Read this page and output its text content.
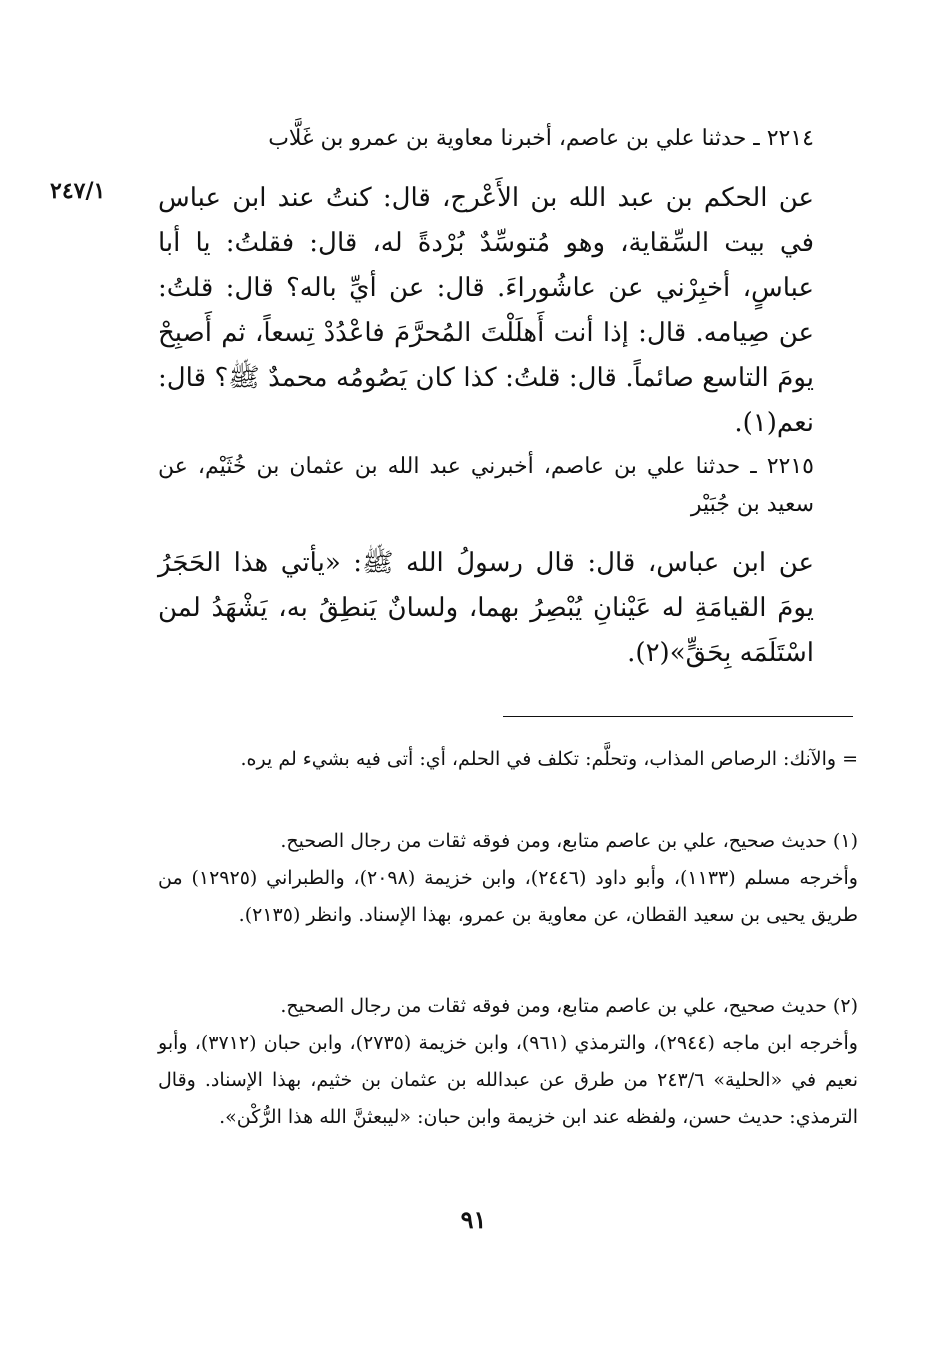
٢٢١٤ ـ حدثنا علي بن عاصم، أخبرنا معاوية بن عمرو بن غَلَّاب
٢٤٧/١	عن الحكم بن عبد الله بن الأَعْرج، قال: كنتُ عند ابن عباس في بيت السِّقاية، وهو مُتوسِّدٌ بُرْدةً له، قال: فقلتُ: يا أبا عباسٍ، أخبِرْني عن عاشُوراءَ. قال: عن أيِّ باله؟ قال: قلتُ: عن صِيامه. قال: إذا أنت أَهلَلْتَ المُحرَّمَ فاعْدُدْ تِسعاً، ثم أَصبِحْ يومَ التاسع صائماً. قال: قلتُ: كذا كان يَصُومُه محمدٌ ﷺ؟ قال: نعم(١).
٢٢١٥ ـ حدثنا علي بن عاصم، أخبرني عبد الله بن عثمان بن خُثَيْم، عن سعيد بن جُبَيْر
عن ابن عباس، قال: قال رسولُ الله ﷺ: «يأتي هذا الحَجَرُ يومَ القيامَةِ له عَيْنانِ يُبْصِرُ بهما، ولسانٌ يَنطِقُ به، يَشْهَدُ لمن اسْتَلَمَه بِحَقٍّ»(٢).

= والآنك: الرصاص المذاب، وتحلَّم: تكلف في الحلم، أي: أتى فيه بشيء لم يره.

(١) حديث صحيح، علي بن عاصم متابع، ومن فوقه ثقات من رجال الصحيح.

وأخرجه مسلم (١١٣٣)، وأبو داود (٢٤٤٦)، وابن خزيمة (٢٠٩٨)، والطبراني (١٢٩٢٥) من طريق يحيى بن سعيد القطان، عن معاوية بن عمرو، بهذا الإسناد. وانظر (٢١٣٥).

(٢) حديث صحيح، علي بن عاصم متابع، ومن فوقه ثقات من رجال الصحيح.

وأخرجه ابن ماجه (٢٩٤٤)، والترمذي (٩٦١)، وابن خزيمة (٢٧٣٥)، وابن حبان (٣٧١٢)، وأبو نعيم في «الحلية» ٢٤٣/٦ من طرق عن عبدالله بن عثمان بن خثيم، بهذا الإسناد. وقال الترمذي: حديث حسن، ولفظه عند ابن خزيمة وابن حبان: «ليبعثنَّ الله هذا الرُّكْن».

٩١
